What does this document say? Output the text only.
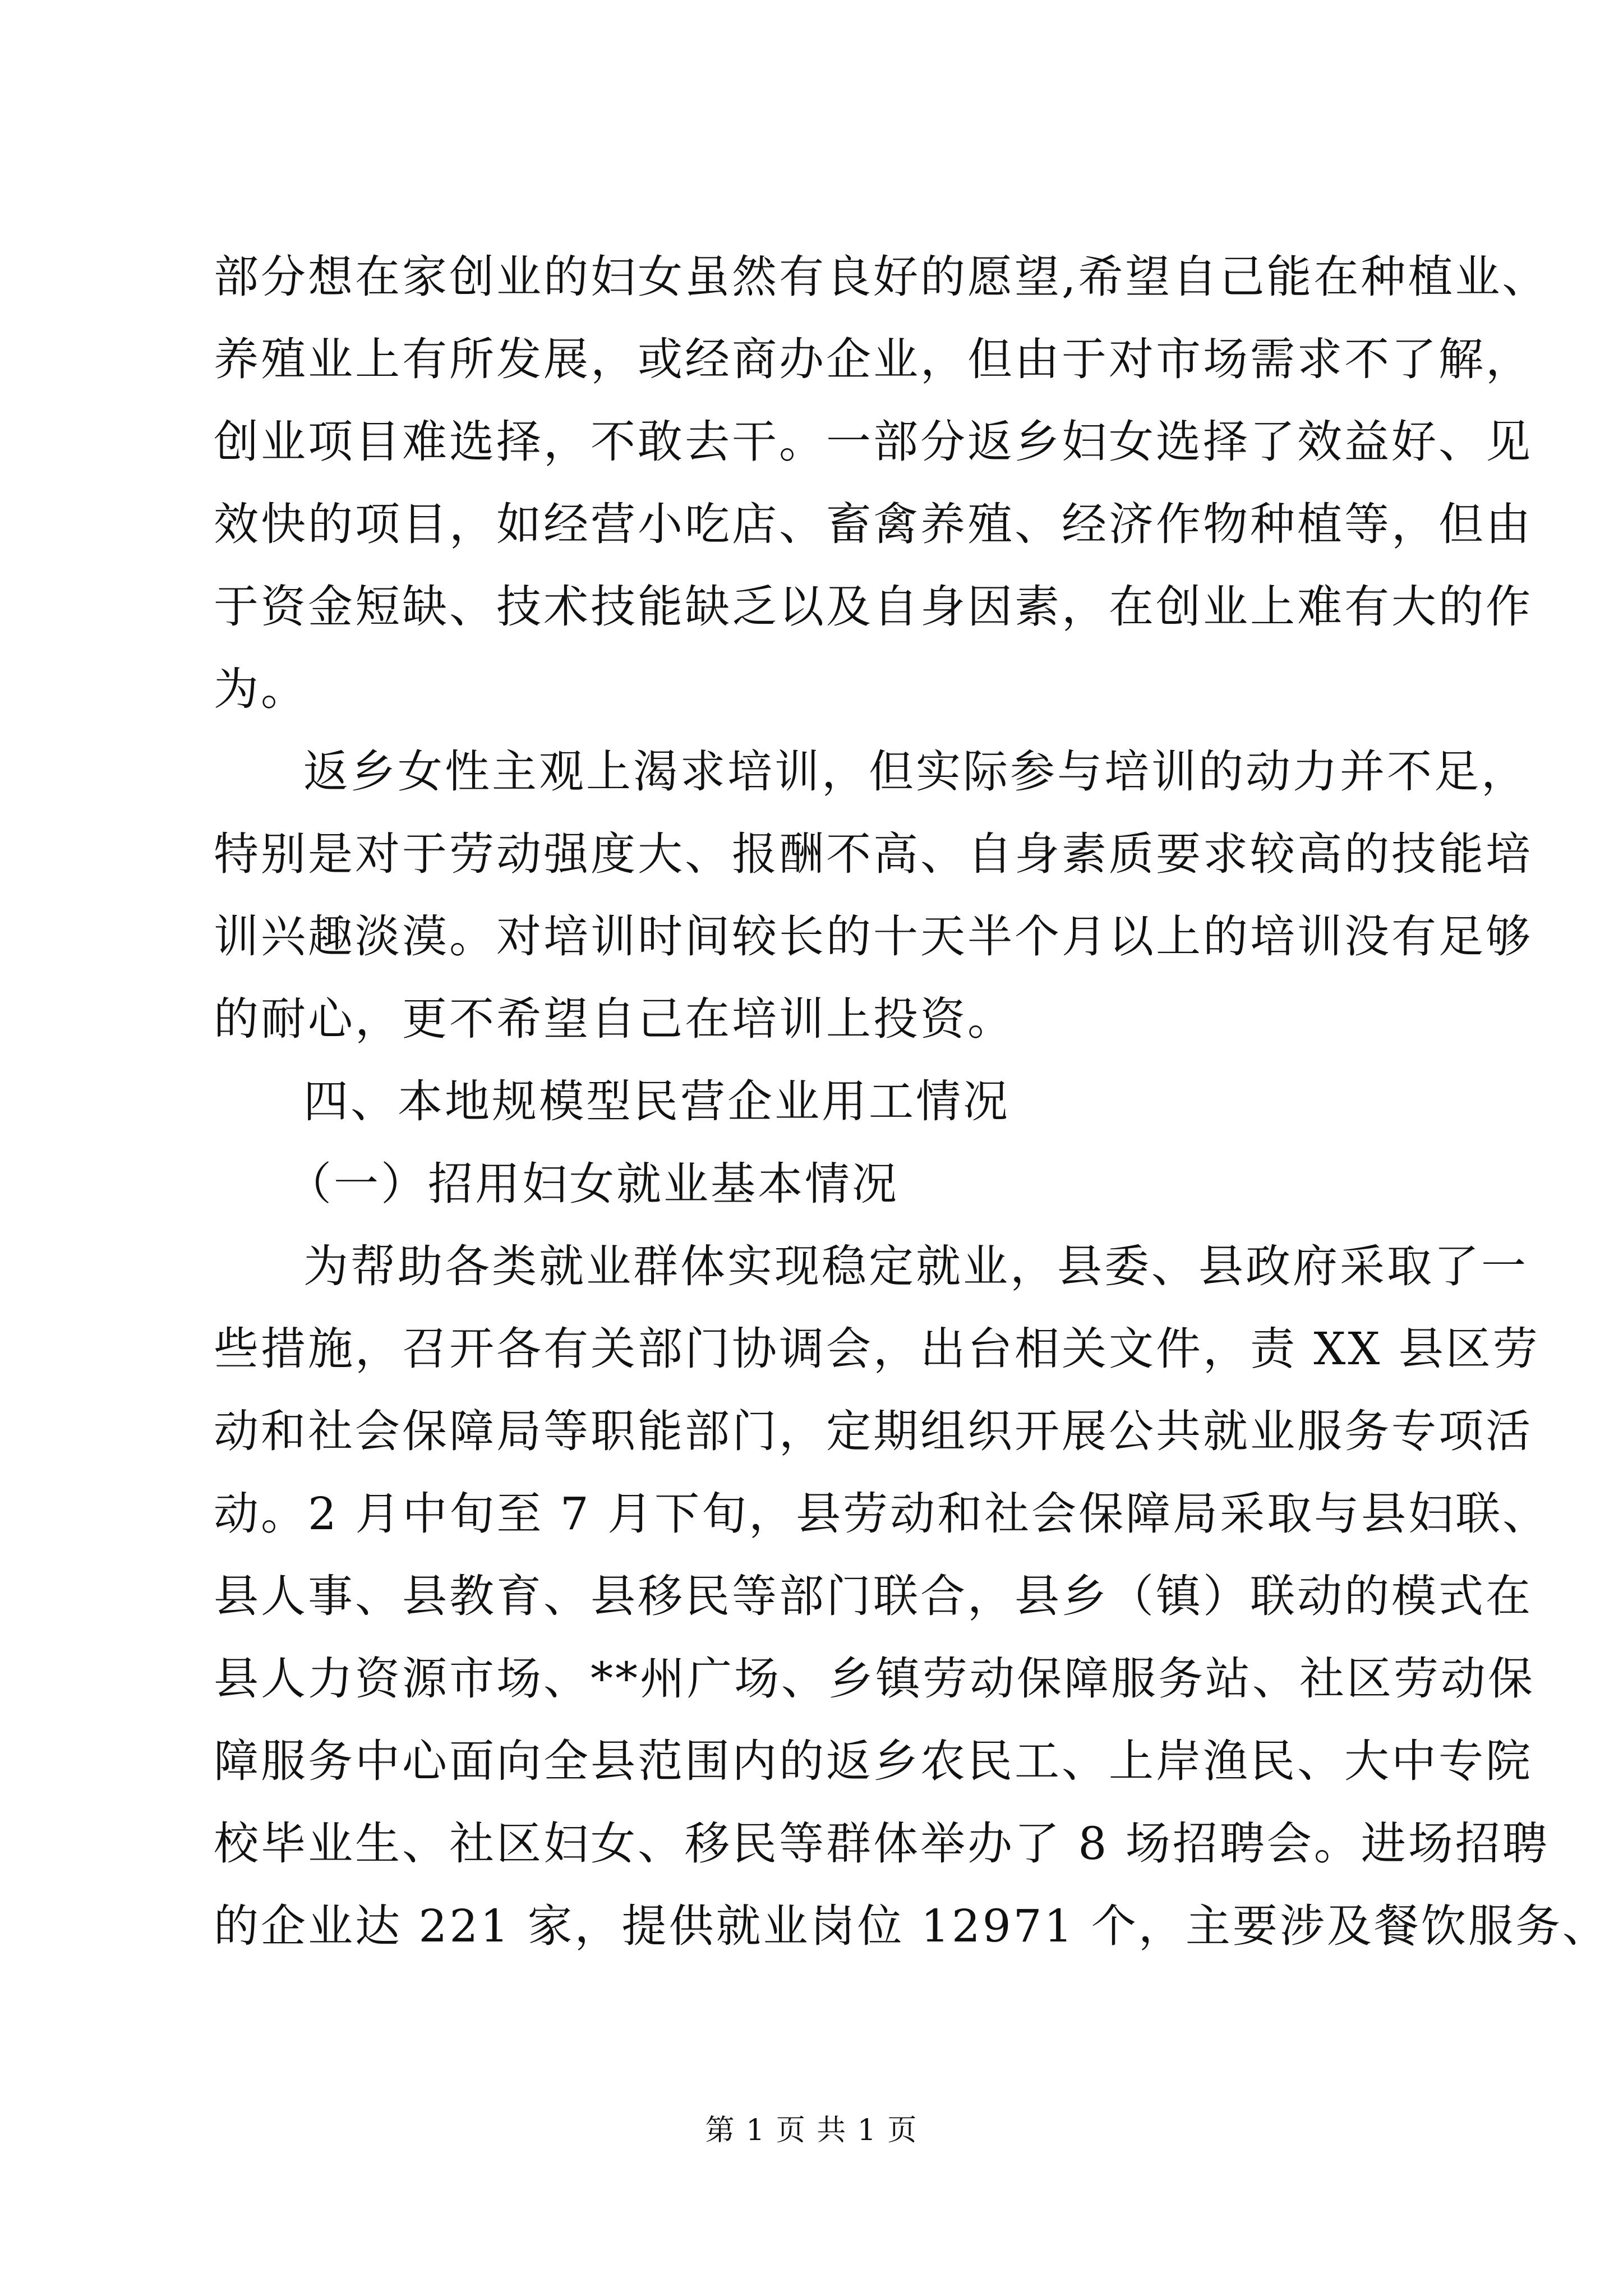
部分想在家创业的妇女虽然有良好的愿望,希望自己能在种植业、
养殖业上有所发展，或经商办企业，但由于对市场需求不了解，
创业项目难选择，不敢去干。一部分返乡妇女选择了效益好、见
效快的项目，如经营小吃店、畜禽养殖、经济作物种植等，但由
于资金短缺、技术技能缺乏以及自身因素，在创业上难有大的作
为。
返乡女性主观上渴求培训，但实际参与培训的动力并不足，
特别是对于劳动强度大、报酬不高、自身素质要求较高的技能培
训兴趣淡漠。对培训时间较长的十天半个月以上的培训没有足够
的耐心，更不希望自己在培训上投资。
四、本地规模型民营企业用工情况
（一）招用妇女就业基本情况
为帮助各类就业群体实现稳定就业，县委、县政府采取了一
些措施，召开各有关部门协调会，出台相关文件，责 XX 县区劳
动和社会保障局等职能部门，定期组织开展公共就业服务专项活
动。2 月中旬至 7 月下旬，县劳动和社会保障局采取与县妇联、
县人事、县教育、县移民等部门联合，县乡（镇）联动的模式在
县人力资源市场、**州广场、乡镇劳动保障服务站、社区劳动保
障服务中心面向全县范围内的返乡农民工、上岸渔民、大中专院
校毕业生、社区妇女、移民等群体举办了 8 场招聘会。进场招聘
的企业达 221 家，提供就业岗位 12971 个，主要涉及餐饮服务、
第 1 页 共 1 页
